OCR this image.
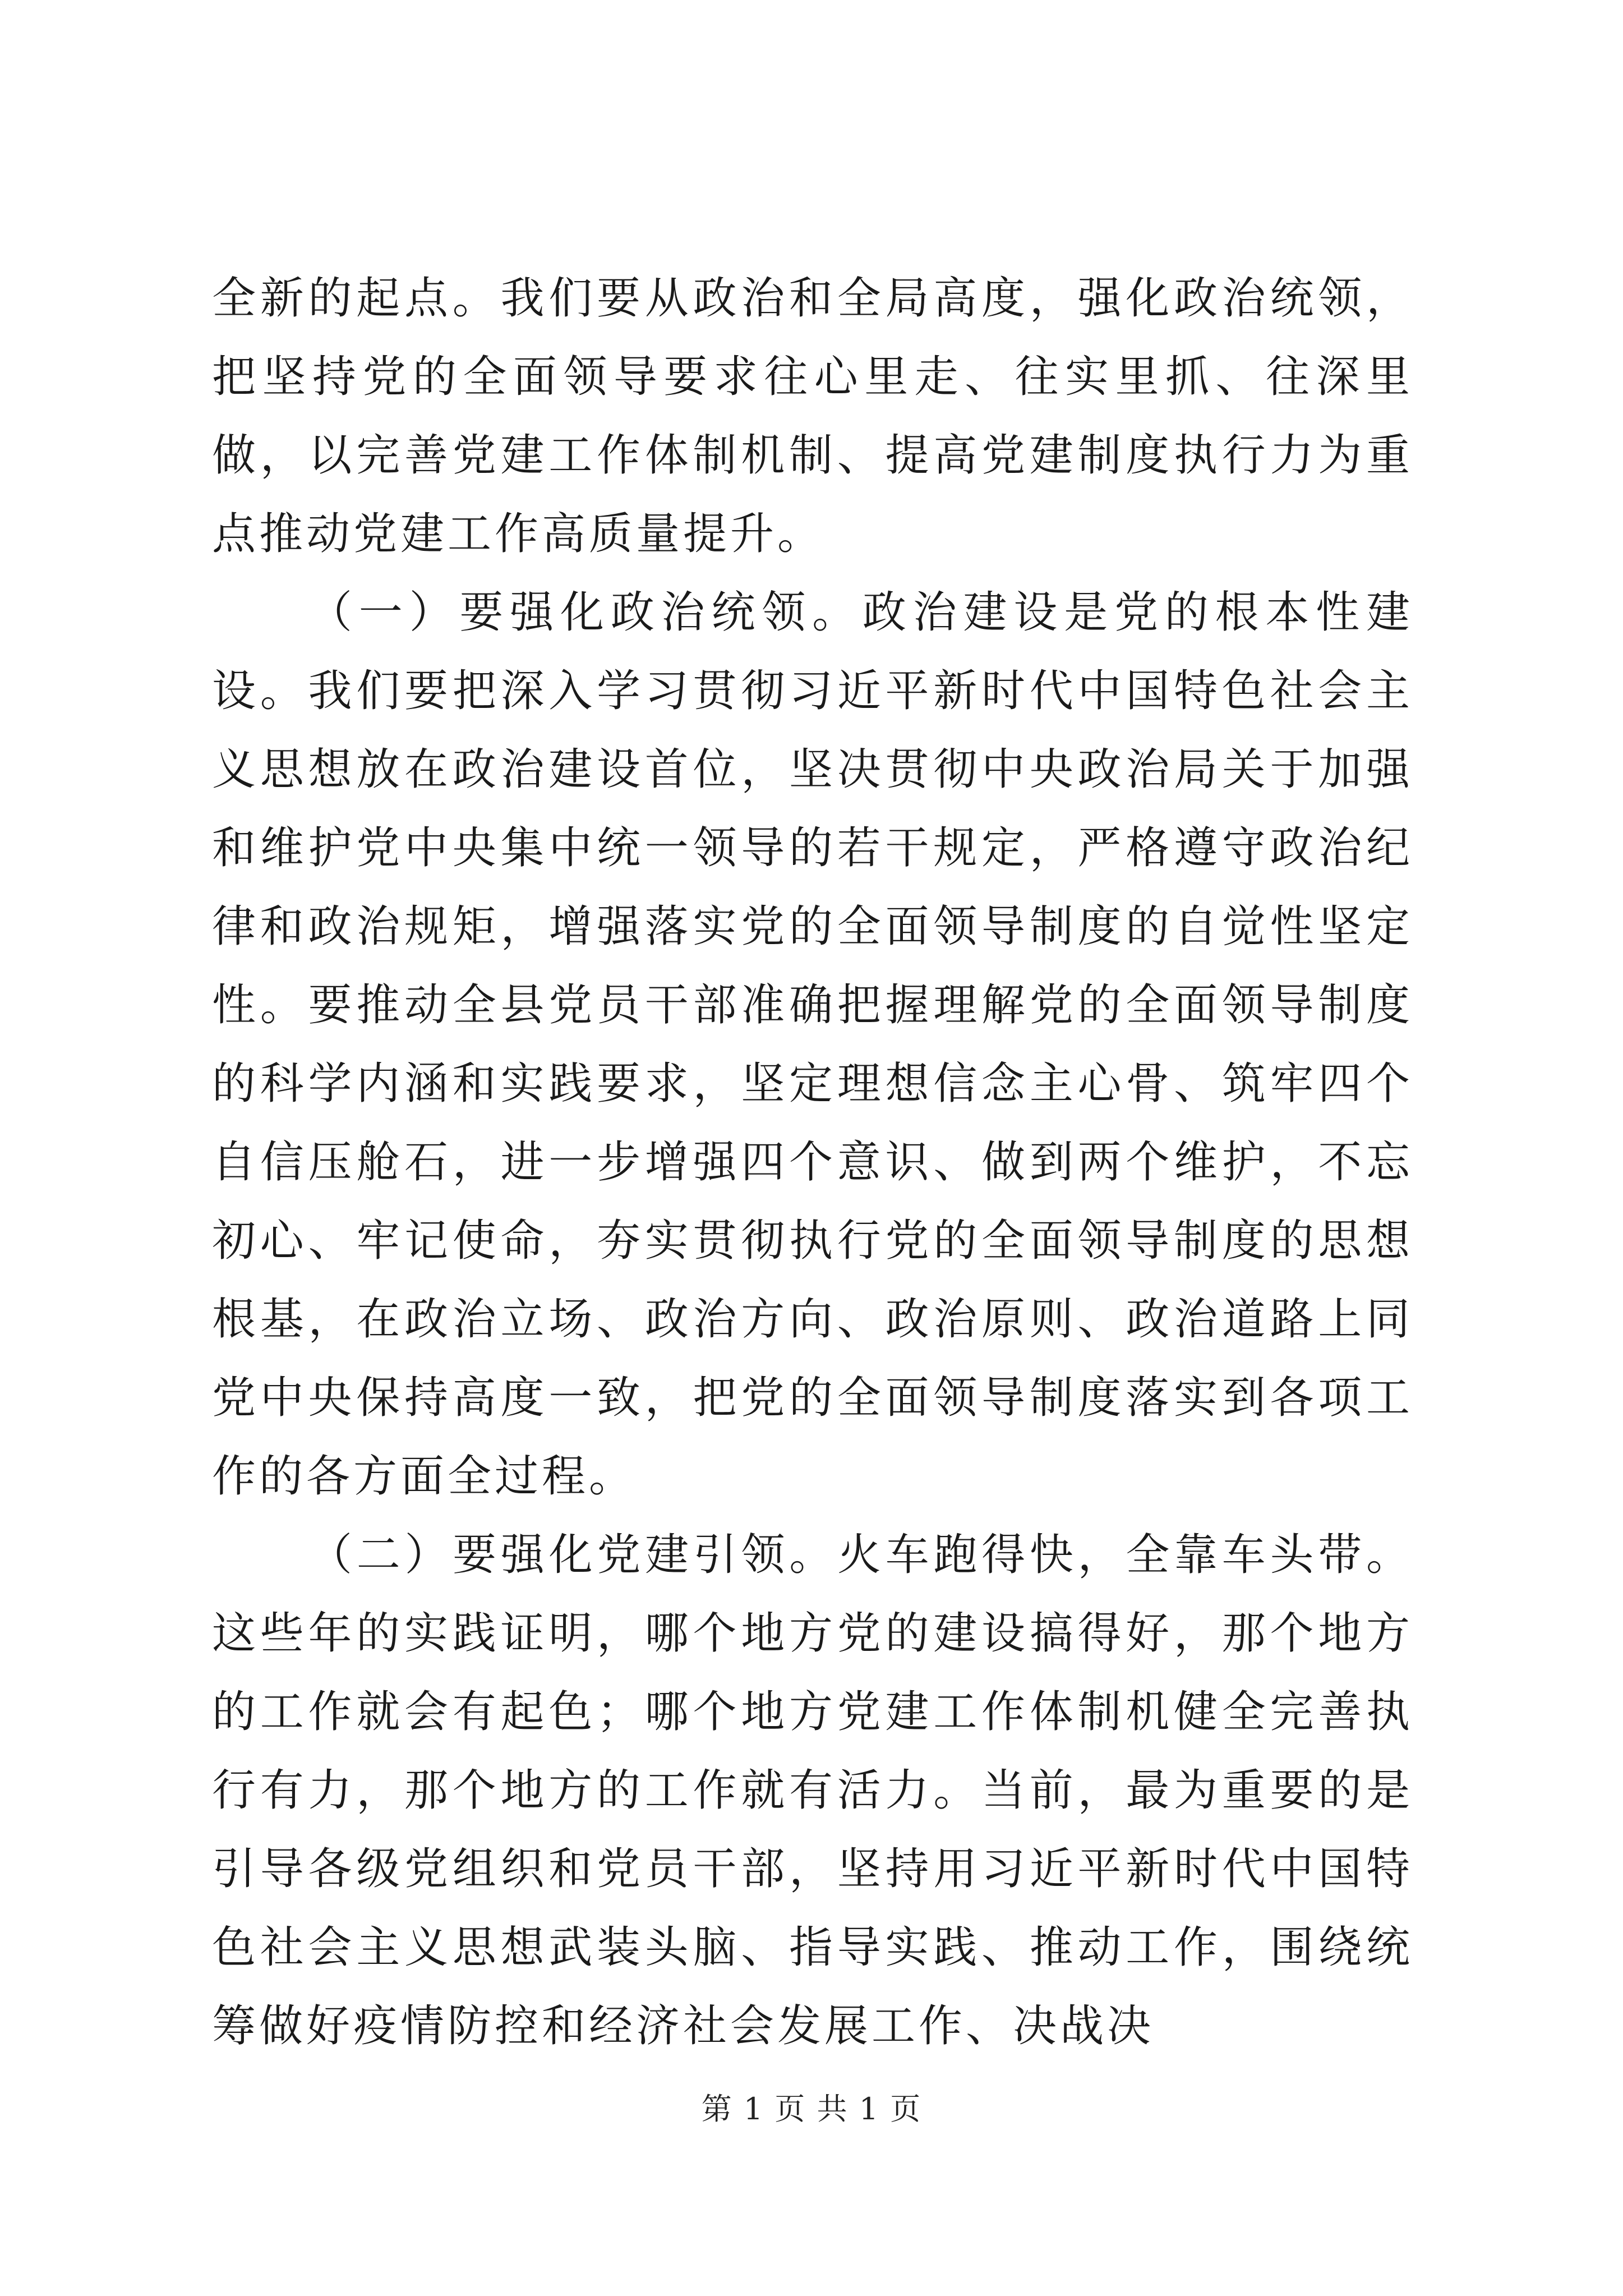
全新的起点。我们要从政治和全局高度，强化政治统领，把坚持党的全面领导要求往心里走、往实里抓、往深里做，以完善党建工作体制机制、提高党建制度执行力为重点推动党建工作高质量提升。

（一）要强化政治统领。政治建设是党的根本性建设。我们要把深入学习贯彻习近平新时代中国特色社会主义思想放在政治建设首位，坚决贯彻中央政治局关于加强和维护党中央集中统一领导的若干规定，严格遵守政治纪律和政治规矩，增强落实党的全面领导制度的自觉性坚定性。要推动全县党员干部准确把握理解党的全面领导制度的科学内涵和实践要求，坚定理想信念主心骨、筑牢四个自信压舱石，进一步增强四个意识、做到两个维护，不忘初心、牢记使命，夯实贯彻执行党的全面领导制度的思想根基，在政治立场、政治方向、政治原则、政治道路上同党中央保持高度一致，把党的全面领导制度落实到各项工作的各方面全过程。

（二）要强化党建引领。火车跑得快，全靠车头带。这些年的实践证明，哪个地方党的建设搞得好，那个地方的工作就会有起色；哪个地方党建工作体制机健全完善执行有力，那个地方的工作就有活力。当前，最为重要的是引导各级党组织和党员干部，坚持用习近平新时代中国特色社会主义思想武装头脑、指导实践、推动工作，围绕统筹做好疫情防控和经济社会发展工作、决战决

第 1 页 共 1 页
